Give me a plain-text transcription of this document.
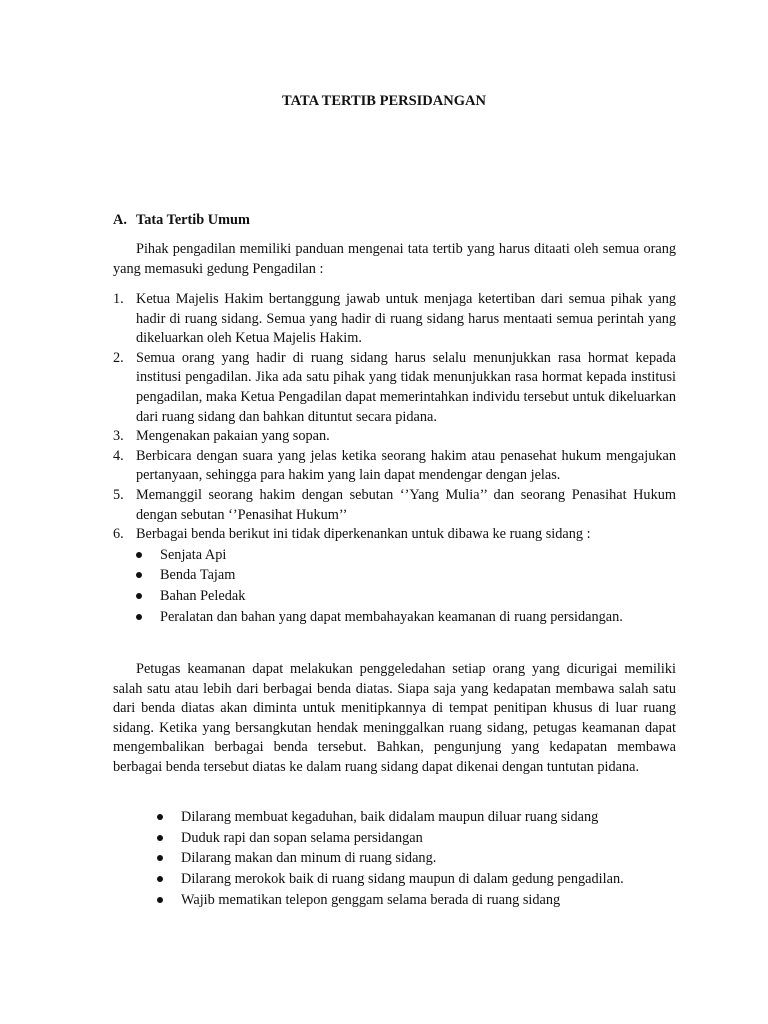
TATA TERTIB PERSIDANGAN
A. Tata Tertib Umum

Pihak pengadilan memiliki panduan mengenai tata tertib yang harus ditaati oleh semua orang yang memasuki gedung Pengadilan :

1. Ketua Majelis Hakim bertanggung jawab untuk menjaga ketertiban dari semua pihak yang hadir di ruang sidang. Semua yang hadir di ruang sidang harus mentaati semua perintah yang dikeluarkan oleh Ketua Majelis Hakim.
2. Semua orang yang hadir di ruang sidang harus selalu menunjukkan rasa hormat kepada institusi pengadilan. Jika ada satu pihak yang tidak menunjukkan rasa hormat kepada institusi pengadilan, maka Ketua Pengadilan dapat memerintahkan individu tersebut untuk dikeluarkan dari ruang sidang dan bahkan dituntut secara pidana.
3. Mengenakan pakaian yang sopan.
4. Berbicara dengan suara yang jelas ketika seorang hakim atau penasehat hukum mengajukan pertanyaan, sehingga para hakim yang lain dapat mendengar dengan jelas.
5. Memanggil seorang hakim dengan sebutan ‘’Yang Mulia’’ dan seorang Penasihat Hukum dengan sebutan ‘’Penasihat Hukum’’
6. Berbagai benda berikut ini tidak diperkenankan untuk dibawa ke ruang sidang :
Senjata Api
Benda Tajam
Bahan Peledak
Peralatan dan bahan yang dapat membahayakan keamanan di ruang persidangan.

Petugas keamanan dapat melakukan penggeledahan setiap orang yang dicurigai memiliki salah satu atau lebih dari berbagai benda diatas. Siapa saja yang kedapatan membawa salah satu dari benda diatas akan diminta untuk menitipkannya di tempat penitipan khusus di luar ruang sidang. Ketika yang bersangkutan hendak meninggalkan ruang sidang, petugas keamanan dapat mengembalikan berbagai benda tersebut. Bahkan, pengunjung yang kedapatan membawa berbagai benda tersebut diatas ke dalam ruang sidang dapat dikenai dengan tuntutan pidana.

Dilarang membuat kegaduhan, baik didalam maupun diluar ruang sidang
Duduk rapi dan sopan selama persidangan
Dilarang makan dan minum di ruang sidang.
Dilarang merokok baik di ruang sidang maupun di dalam gedung pengadilan.
Wajib mematikan telepon genggam selama berada di ruang sidang
